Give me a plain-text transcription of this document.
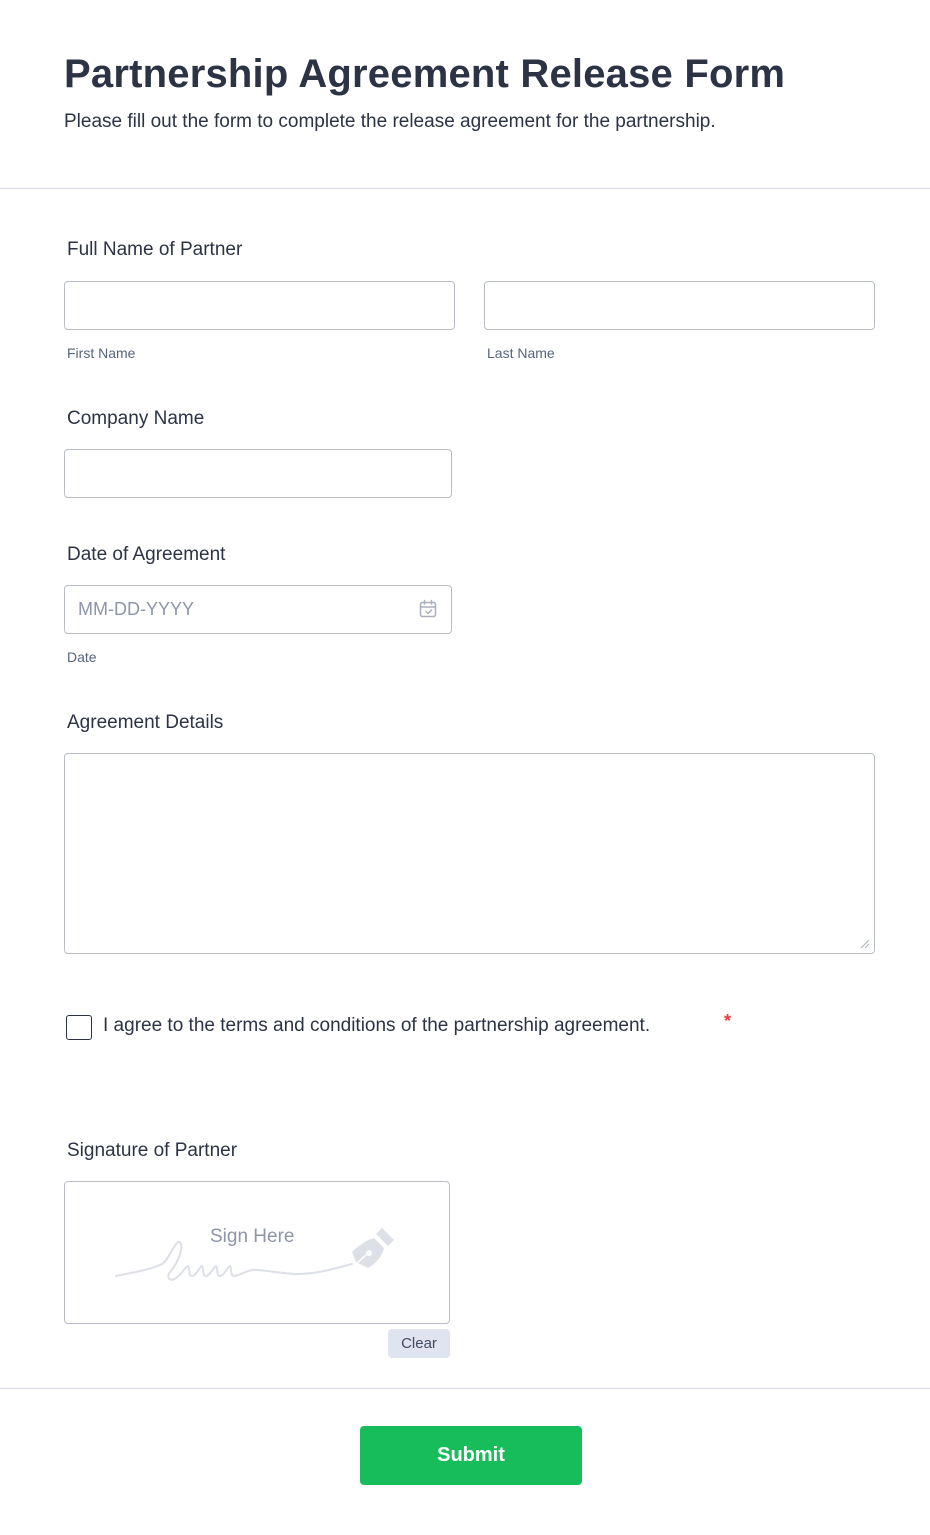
Partnership Agreement Release Form

Please fill out the form to complete the release agreement for the partnership.

Full Name of Partner
First Name	Last Name
Company Name
Date of Agreement
MM-DD-YYYY
Date
Agreement Details
I agree to the terms and conditions of the partnership agreement.	*
Signature of Partner
Sign Here
Clear
Submit
